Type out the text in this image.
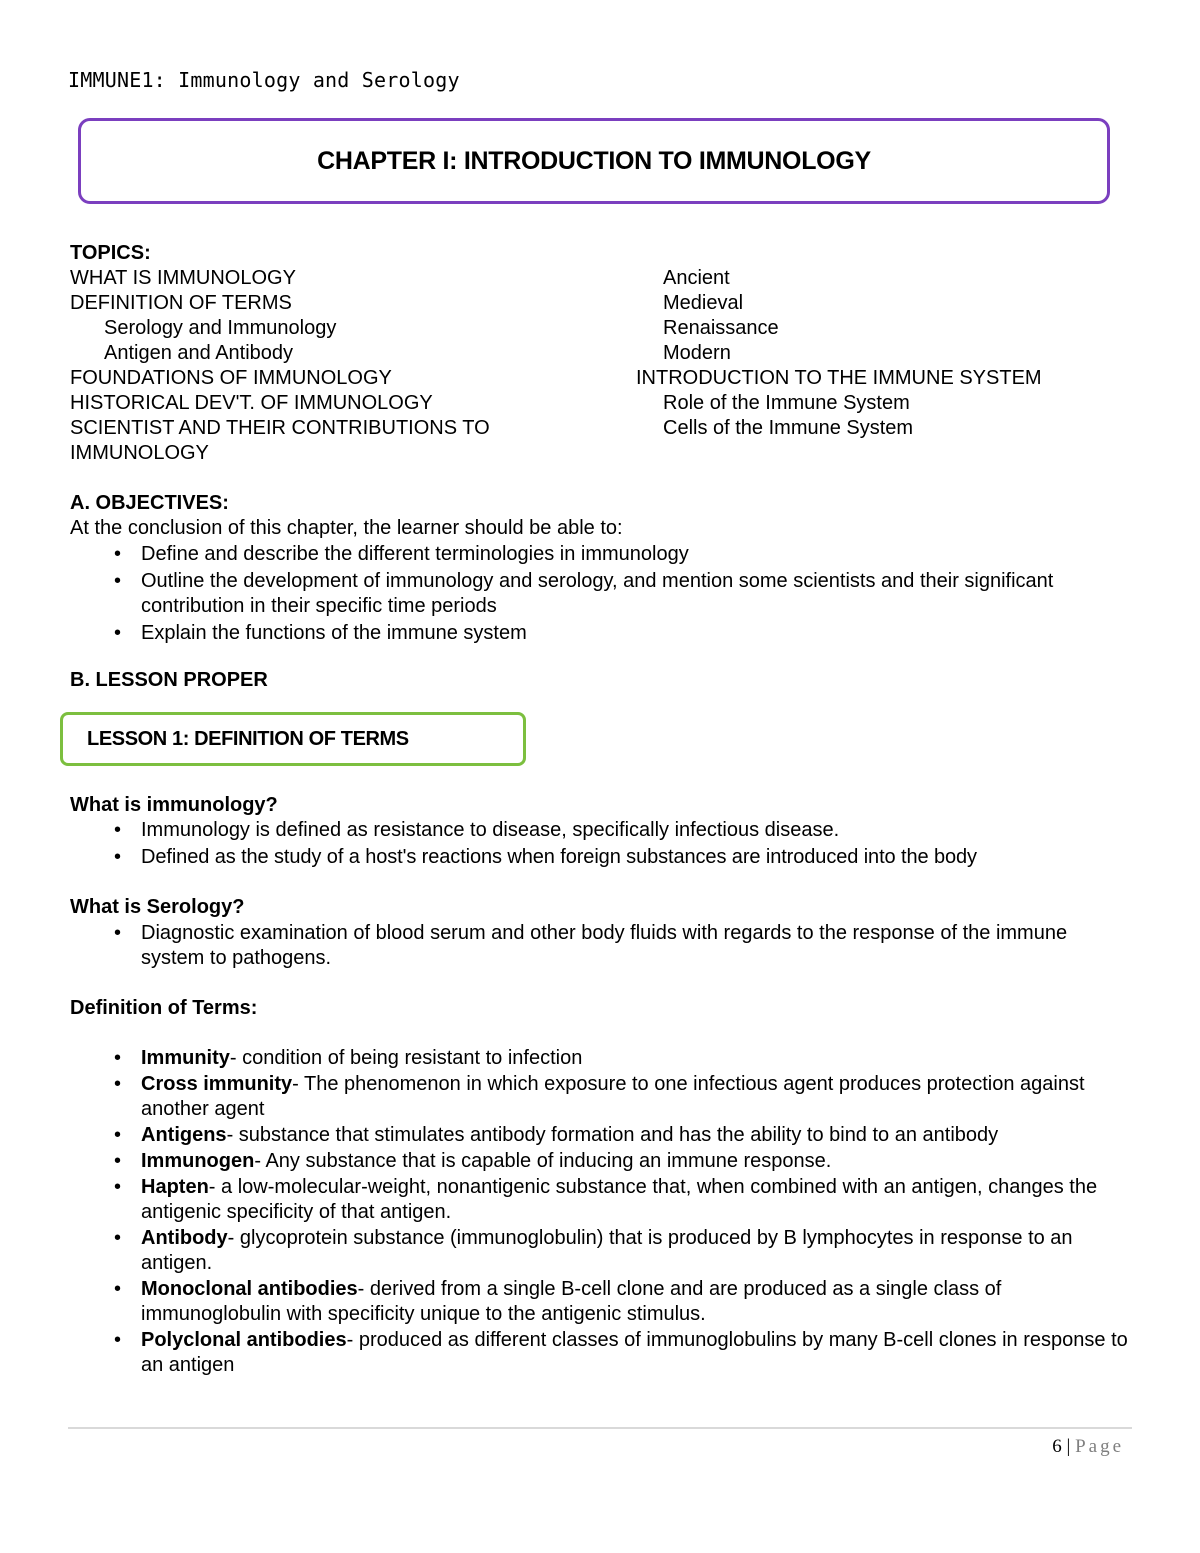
IMMUNE1: Immunology and Serology
CHAPTER I: INTRODUCTION TO IMMUNOLOGY
TOPICS:
WHAT IS IMMUNOLOGY
DEFINITION OF TERMS
Serology and Immunology
Antigen and Antibody
FOUNDATIONS OF IMMUNOLOGY
HISTORICAL DEV'T. OF IMMUNOLOGY
SCIENTIST AND THEIR CONTRIBUTIONS TO
IMMUNOLOGY
Ancient
Medieval
Renaissance
Modern
INTRODUCTION TO THE IMMUNE SYSTEM
Role of the Immune System
Cells of the Immune System
A. OBJECTIVES:
At the conclusion of this chapter, the learner should be able to:
• Define and describe the different terminologies in immunology
• Outline the development of immunology and serology, and mention some scientists and their significant contribution in their specific time periods
• Explain the functions of the immune system
B. LESSON PROPER
LESSON 1: DEFINITION OF TERMS
What is immunology?
• Immunology is defined as resistance to disease, specifically infectious disease.
• Defined as the study of a host's reactions when foreign substances are introduced into the body
What is Serology?
• Diagnostic examination of blood serum and other body fluids with regards to the response of the immune system to pathogens.
Definition of Terms:
• Immunity- condition of being resistant to infection
• Cross immunity- The phenomenon in which exposure to one infectious agent produces protection against another agent
• Antigens- substance that stimulates antibody formation and has the ability to bind to an antibody
• Immunogen- Any substance that is capable of inducing an immune response.
• Hapten- a low-molecular-weight, nonantigenic substance that, when combined with an antigen, changes the antigenic specificity of that antigen.
• Antibody- glycoprotein substance (immunoglobulin) that is produced by B lymphocytes in response to an antigen.
• Monoclonal antibodies- derived from a single B-cell clone and are produced as a single class of immunoglobulin with specificity unique to the antigenic stimulus.
• Polyclonal antibodies- produced as different classes of immunoglobulins by many B-cell clones in response to an antigen
6 | Page
